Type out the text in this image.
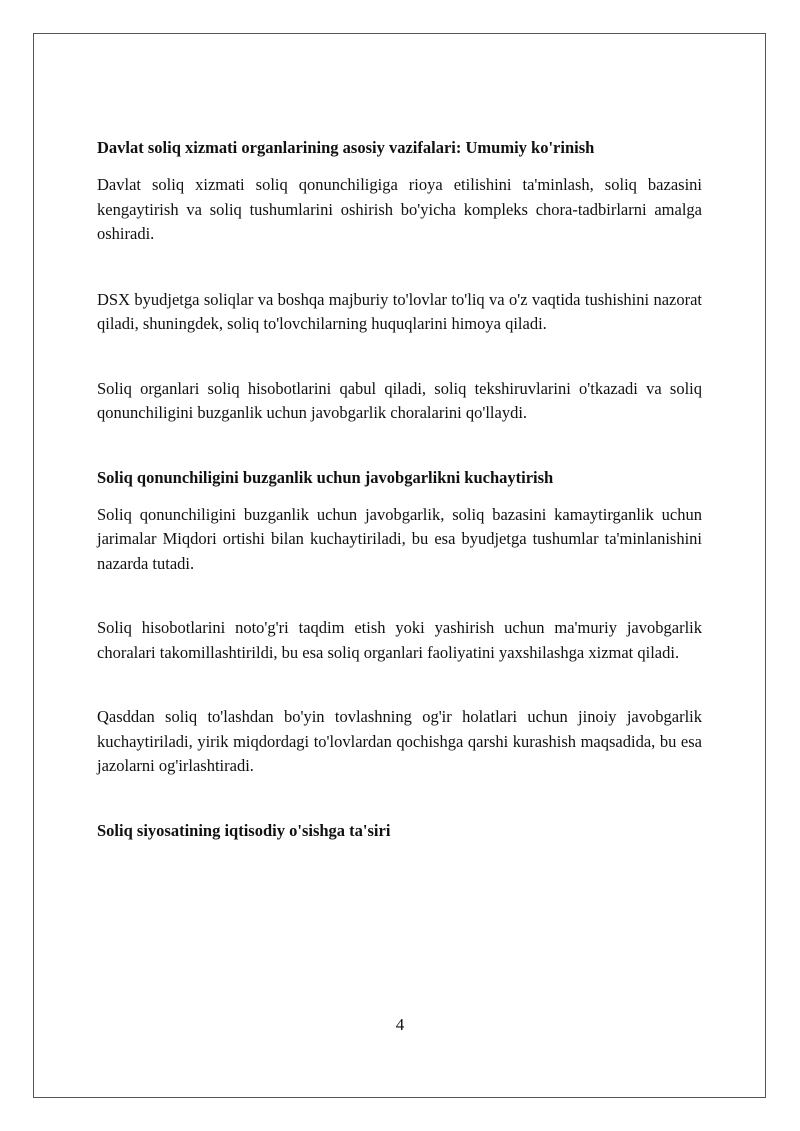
Davlat soliq xizmati organlarining asosiy vazifalari: Umumiy ko'rinish

Davlat soliq xizmati soliq qonunchiligiga rioya etilishini ta'minlash, soliq bazasini kengaytirish va soliq tushumlarini oshirish bo'yicha kompleks chora-tadbirlarni amalga oshiradi.

DSX byudjetga soliqlar va boshqa majburiy to'lovlar to'liq va o'z vaqtida tushishini nazorat qiladi, shuningdek, soliq to'lovchilarning huquqlarini himoya qiladi.

Soliq organlari soliq hisobotlarini qabul qiladi, soliq tekshiruvlarini o'tkazadi va soliq qonunchiligini buzganlik uchun javobgarlik choralarini qo'llaydi.

Soliq qonunchiligini buzganlik uchun javobgarlikni kuchaytirish

Soliq qonunchiligini buzganlik uchun javobgarlik, soliq bazasini kamaytirganlik uchun jarimalar Miqdori ortishi bilan kuchaytiriladi, bu esa byudjetga tushumlar ta'minlanishini nazarda tutadi.

Soliq hisobotlarini noto'g'ri taqdim etish yoki yashirish uchun ma'muriy javobgarlik choralari takomillashtirildi, bu esa soliq organlari faoliyatini yaxshilashga xizmat qiladi.

Qasddan soliq to'lashdan bo'yin tovlashning og'ir holatlari uchun jinoiy javobgarlik kuchaytiriladi, yirik miqdordagi to'lovlardan qochishga qarshi kurashish maqsadida, bu esa jazolarni og'irlashtiradi.

Soliq siyosatining iqtisodiy o'sishga ta'siri
4
